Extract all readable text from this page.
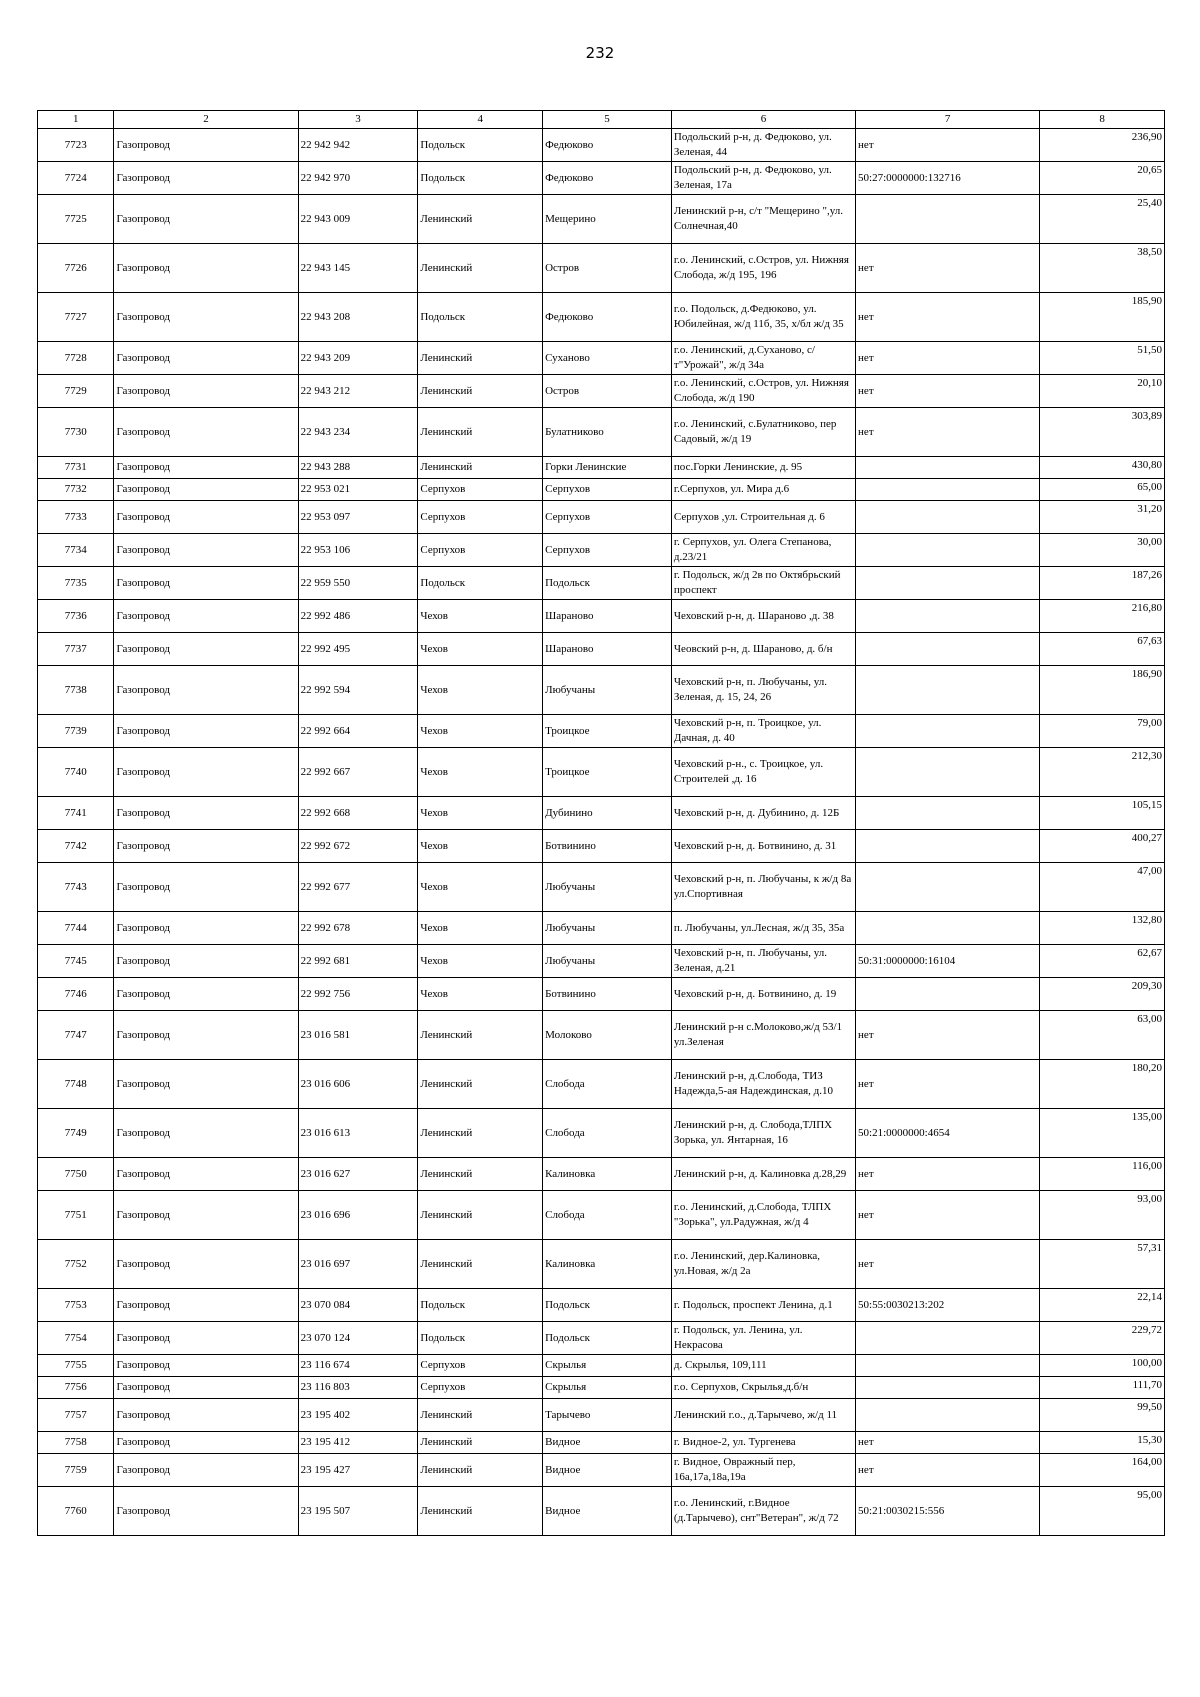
232
1	2	3	4	5	6	7	8
7723	Газопровод	22 942 942	Подольск	Федюково	Подольский р-н, д. Федюково, ул. Зеленая, 44	нет	236,90
7724	Газопровод	22 942 970	Подольск	Федюково	Подольский р-н, д. Федюково, ул. Зеленая, 17а	50:27:0000000:132716	20,65
7725	Газопровод	22 943 009	Ленинский	Мещерино	Ленинский р-н, с/т "Мещерино ",ул. Солнечная,40		25,40
7726	Газопровод	22 943 145	Ленинский	Остров	г.о. Ленинский, с.Остров, ул. Нижняя Слобода, ж/д 195, 196	нет	38,50
7727	Газопровод	22 943 208	Подольск	Федюково	г.о. Подольск, д.Федюково, ул. Юбилейная, ж/д 11б, 35, х/бл ж/д 35	нет	185,90
7728	Газопровод	22 943 209	Ленинский	Суханово	г.о. Ленинский, д.Суханово, с/т"Урожай", ж/д 34а	нет	51,50
7729	Газопровод	22 943 212	Ленинский	Остров	г.о. Ленинский, с.Остров, ул. Нижняя Слобода, ж/д 190	нет	20,10
7730	Газопровод	22 943 234	Ленинский	Булатниково	г.о. Ленинский, с.Булатниково, пер Садовый, ж/д 19	нет	303,89
7731	Газопровод	22 943 288	Ленинский	Горки Ленинские	пос.Горки Ленинские, д. 95		430,80
7732	Газопровод	22 953 021	Серпухов	Серпухов	г.Серпухов, ул. Мира д.6		65,00
7733	Газопровод	22 953 097	Серпухов	Серпухов	Серпухов ,ул. Строительная д. 6		31,20
7734	Газопровод	22 953 106	Серпухов	Серпухов	г. Серпухов, ул. Олега Степанова, д.23/21		30,00
7735	Газопровод	22 959 550	Подольск	Подольск	г. Подольск, ж/д 2в по Октябрьский проспект		187,26
7736	Газопровод	22 992 486	Чехов	Шараново	Чеховский р-н, д. Шараново ,д. 38		216,80
7737	Газопровод	22 992 495	Чехов	Шараново	Чеовский р-н, д. Шараново, д. б/н		67,63
7738	Газопровод	22 992 594	Чехов	Любучаны	Чеховский р-н, п. Любучаны, ул. Зеленая, д. 15, 24, 26		186,90
7739	Газопровод	22 992 664	Чехов	Троицкое	Чеховский р-н, п. Троицкое, ул. Дачная, д. 40		79,00
7740	Газопровод	22 992 667	Чехов	Троицкое	Чеховский р-н., с. Троицкое, ул. Строителей ,д. 16		212,30
7741	Газопровод	22 992 668	Чехов	Дубинино	Чеховский р-н, д. Дубинино, д. 12Б		105,15
7742	Газопровод	22 992 672	Чехов	Ботвинино	Чеховский р-н, д. Ботвинино, д. 31		400,27
7743	Газопровод	22 992 677	Чехов	Любучаны	Чеховский р-н, п. Любучаны, к ж/д 8а ул.Спортивная		47,00
7744	Газопровод	22 992 678	Чехов	Любучаны	п. Любучаны, ул.Лесная, ж/д 35, 35а		132,80
7745	Газопровод	22 992 681	Чехов	Любучаны	Чеховский р-н, п. Любучаны, ул. Зеленая, д.21	50:31:0000000:16104	62,67
7746	Газопровод	22 992 756	Чехов	Ботвинино	Чеховский р-н, д. Ботвинино, д. 19		209,30
7747	Газопровод	23 016 581	Ленинский	Молоково	Ленинский р-н с.Молоково,ж/д 53/1 ул.Зеленая	нет	63,00
7748	Газопровод	23 016 606	Ленинский	Слобода	Ленинский р-н, д.Слобода, ТИЗ Надежда,5-ая Надеждинская, д.10	нет	180,20
7749	Газопровод	23 016 613	Ленинский	Слобода	Ленинский р-н, д. Слобода,ТЛПХ Зорька, ул. Янтарная, 16	50:21:0000000:4654	135,00
7750	Газопровод	23 016 627	Ленинский	Калиновка	Ленинский р-н, д. Калиновка д.28,29	нет	116,00
7751	Газопровод	23 016 696	Ленинский	Слобода	г.о. Ленинский, д.Слобода, ТЛПХ "Зорька", ул.Радужная, ж/д 4	нет	93,00
7752	Газопровод	23 016 697	Ленинский	Калиновка	г.о. Ленинский, дер.Калиновка, ул.Новая, ж/д 2а	нет	57,31
7753	Газопровод	23 070 084	Подольск	Подольск	г. Подольск, проспект Ленина, д.1	50:55:0030213:202	22,14
7754	Газопровод	23 070 124	Подольск	Подольск	г. Подольск, ул. Ленина, ул. Некрасова		229,72
7755	Газопровод	23 116 674	Серпухов	Скрылья	д. Скрылья, 109,111		100,00
7756	Газопровод	23 116 803	Серпухов	Скрылья	г.о. Серпухов, Скрылья,д.б/н		111,70
7757	Газопровод	23 195 402	Ленинский	Тарычево	Ленинский г.о., д.Тарычево, ж/д 11		99,50
7758	Газопровод	23 195 412	Ленинский	Видное	г. Видное-2, ул. Тургенева	нет	15,30
7759	Газопровод	23 195 427	Ленинский	Видное	г. Видное, Овражный пер, 16а,17а,18а,19а	нет	164,00
7760	Газопровод	23 195 507	Ленинский	Видное	г.о. Ленинский, г.Видное (д.Тарычево), снт"Ветеран", ж/д 72	50:21:0030215:556	95,00
